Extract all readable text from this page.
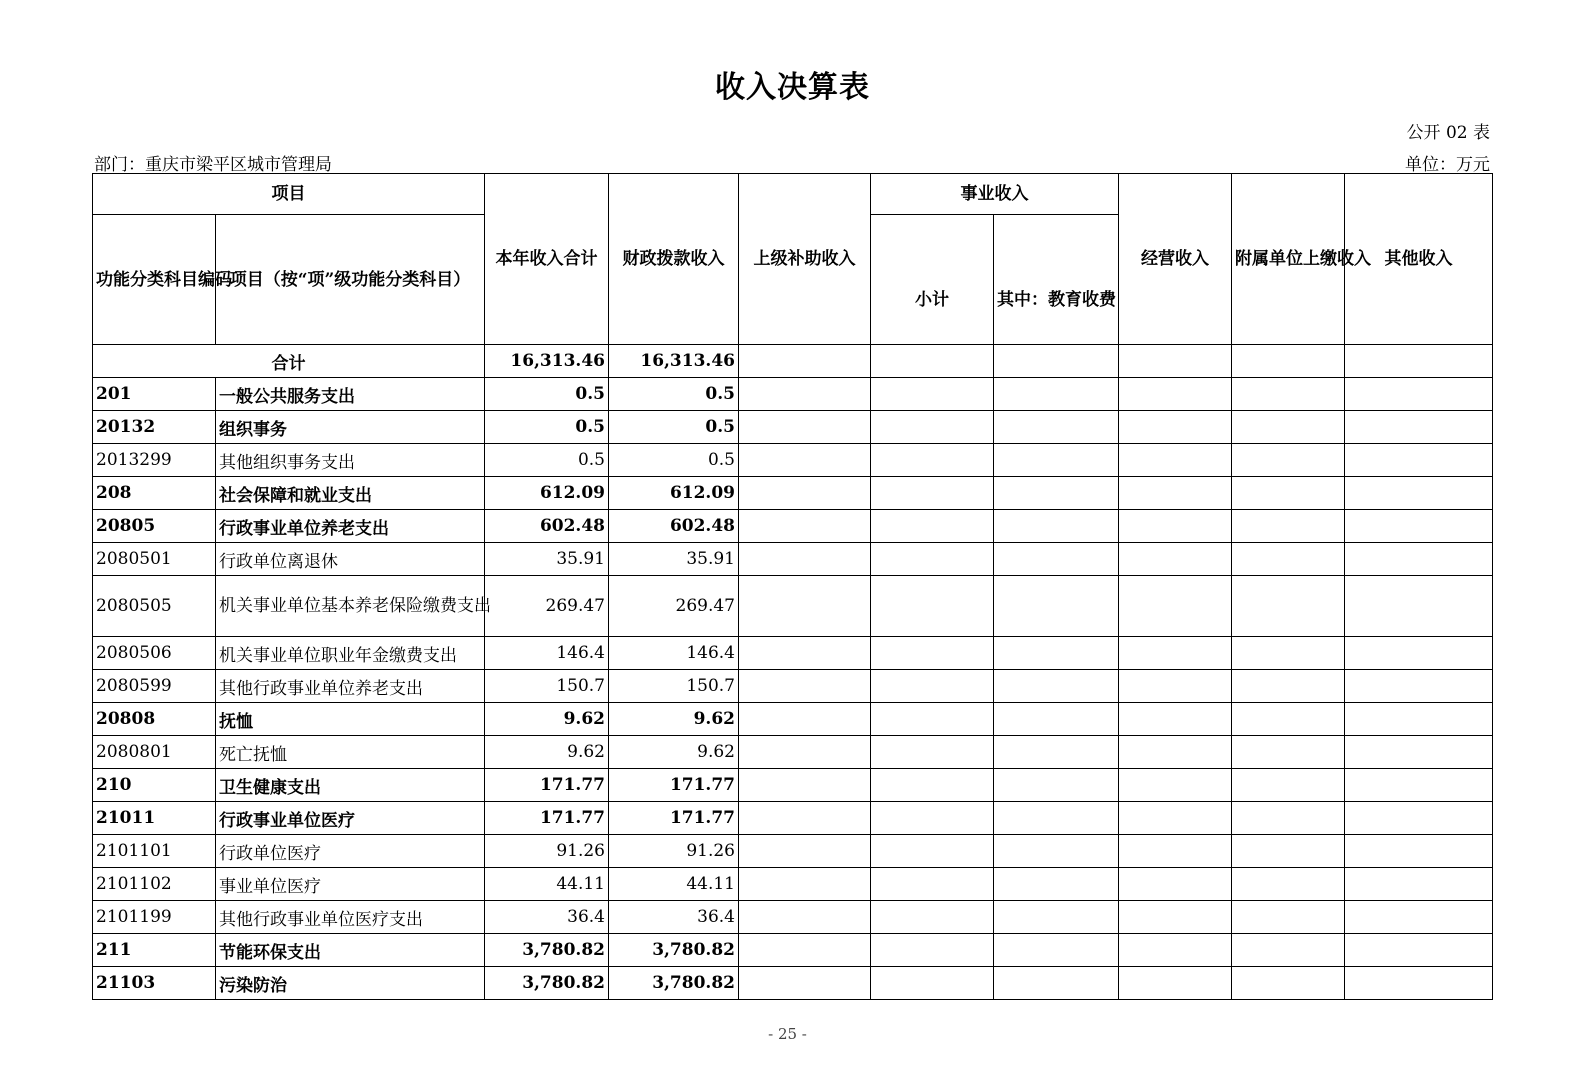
收入决算表
公开 02 表
部门：重庆市梁平区城市管理局	单位：万元
项目		本年收入合计	财政拨款收入	上级补助收入	事业收入		经营收入	附属单位上缴收入	其他收入
功能分类科目编码	项目（按“项”级功能分类科目）				小计	其中：教育收费			
合计		16,313.46	16,313.46						
201	一般公共服务支出	0.5	0.5						
20132	组织事务	0.5	0.5						
2013299	其他组织事务支出	0.5	0.5						
208	社会保障和就业支出	612.09	612.09						
20805	行政事业单位养老支出	602.48	602.48						
2080501	行政单位离退休	35.91	35.91						
2080505	机关事业单位基本养老保险缴费支出	269.47	269.47						
2080506	机关事业单位职业年金缴费支出	146.4	146.4						
2080599	其他行政事业单位养老支出	150.7	150.7						
20808	抚恤	9.62	9.62						
2080801	死亡抚恤	9.62	9.62						
210	卫生健康支出	171.77	171.77						
21011	行政事业单位医疗	171.77	171.77						
2101101	行政单位医疗	91.26	91.26						
2101102	事业单位医疗	44.11	44.11						
2101199	其他行政事业单位医疗支出	36.4	36.4						
211	节能环保支出	3,780.82	3,780.82						
21103	污染防治	3,780.82	3,780.82						
- 25 -
